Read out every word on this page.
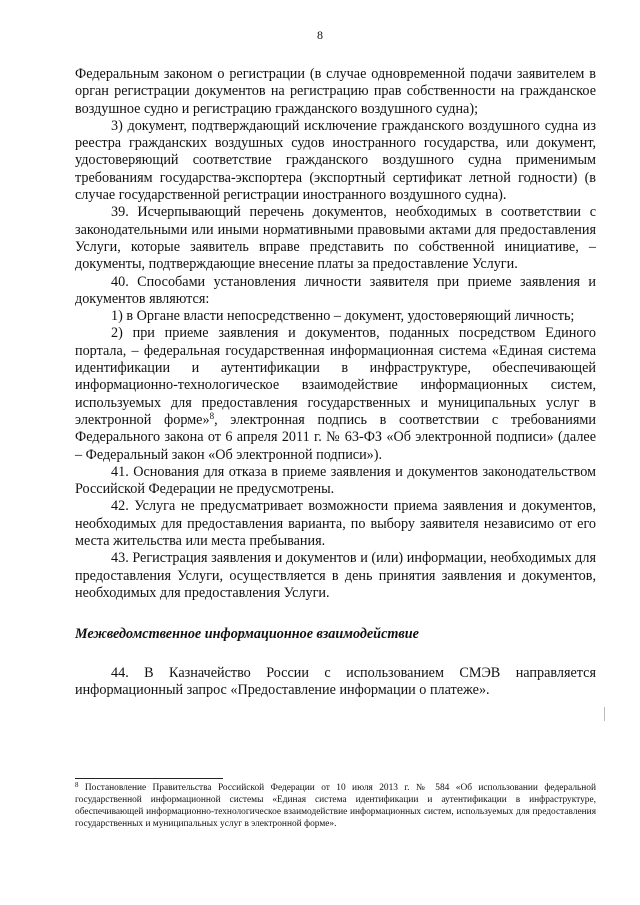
8

Федеральным законом о регистрации (в случае одновременной подачи заявителем в орган регистрации документов на регистрацию прав собственности на гражданское воздушное судно и регистрацию гражданского воздушного судна);

3) документ, подтверждающий исключение гражданского воздушного судна из реестра гражданских воздушных судов иностранного государства, или документ, удостоверяющий соответствие гражданского воздушного судна применимым требованиям государства-экспортера (экспортный сертификат летной годности) (в случае государственной регистрации иностранного воздушного судна).

39. Исчерпывающий перечень документов, необходимых в соответствии с законодательными или иными нормативными правовыми актами для предоставления Услуги, которые заявитель вправе представить по собственной инициативе, – документы, подтверждающие внесение платы за предоставление Услуги.

40. Способами установления личности заявителя при приеме заявления и документов являются:

1) в Органе власти непосредственно – документ, удостоверяющий личность;

2) при приеме заявления и документов, поданных посредством Единого портала, – федеральная государственная информационная система «Единая система идентификации и аутентификации в инфраструктуре, обеспечивающей информационно-технологическое взаимодействие информационных систем, используемых для предоставления государственных и муниципальных услуг в электронной форме»$^8$, электронная подпись в соответствии с требованиями Федерального закона от 6 апреля 2011 г. № 63-ФЗ «Об электронной подписи» (далее – Федеральный закон «Об электронной подписи»).

41. Основания для отказа в приеме заявления и документов законодательством Российской Федерации не предусмотрены.

42. Услуга не предусматривает возможности приема заявления и документов, необходимых для предоставления варианта, по выбору заявителя независимо от его места жительства или места пребывания.

43. Регистрация заявления и документов и (или) информации, необходимых для предоставления Услуги, осуществляется в день принятия заявления и документов, необходимых для предоставления Услуги.

Межведомственное информационное взаимодействие

44. В Казначейство России с использованием СМЭВ направляется информационный запрос «Предоставление информации о платеже».

$^8$ Постановление Правительства Российской Федерации от 10 июля 2013 г. № 584 «Об использовании федеральной государственной информационной системы «Единая система идентификации и аутентификации в инфраструктуре, обеспечивающей информационно-технологическое взаимодействие информационных систем, используемых для предоставления государственных и муниципальных услуг в электронной форме».
